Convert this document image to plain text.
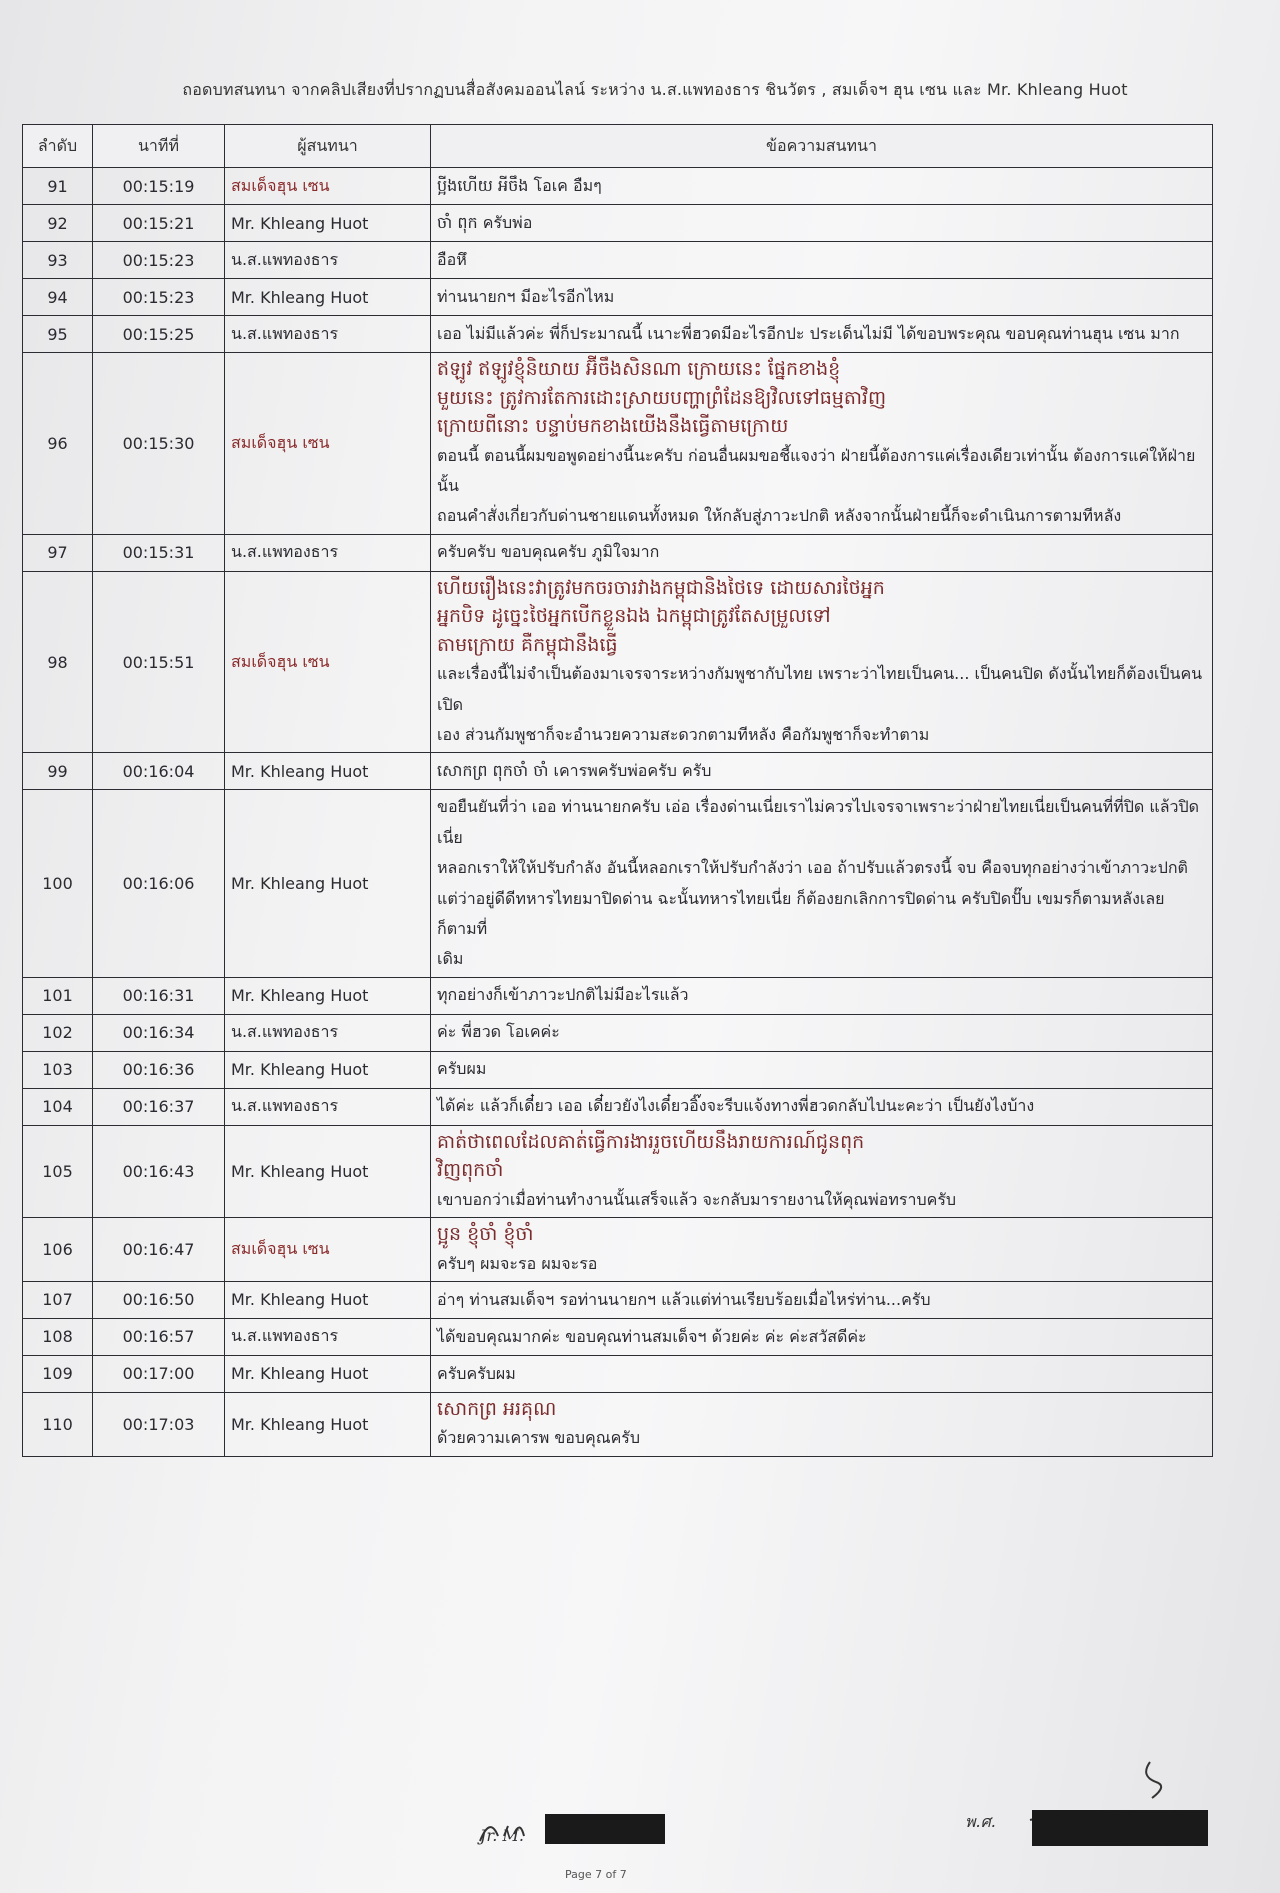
ถอดบทสนทนา จากคลิปเสียงที่ปรากฏบนสื่อสังคมออนไลน์ ระหว่าง น.ส.แพทองธาร ชินวัตร , สมเด็จฯ ฮุน เซน และ Mr. Khleang Huot
ลำดับ	นาทีที่	ผู้สนทนา	ข้อความสนทนา
91	00:15:19	สมเด็จฮุน เซน	ប្អីងហើយ អីចឹង โอเค อืมๆ

92	00:15:21	Mr. Khleang Huot	ចាំ ពុក ครับพ่อ

93	00:15:23	น.ส.แพทองธาร	อือหึ

94	00:15:23	Mr. Khleang Huot	ท่านนายกฯ มีอะไรอีกไหม

95	00:15:25	น.ส.แพทองธาร	เออ ไม่มีแล้วค่ะ พี่ก็ประมาณนี้ เนาะพี่ฮวดมีอะไรอีกปะ ประเด็นไม่มี ได้ขอบพระคุณ ขอบคุณท่านฮุน เซน มาก

96	00:15:30	สมเด็จฮุน เซน	ឥឡូវ ឥឡូវខ្ញុំនិយាយ អ៊ីចឹងសិនណា ក្រោយនេះ ផ្នែកខាងខ្ញុំ
មួយនេះ ត្រូវការតែការដោះស្រាយបញ្ហាព្រំដែនឱ្យវិលទៅធម្មតាវិញ
ក្រោយពីនោះ បន្ទាប់មកខាងយើងនឹងធ្វើតាមក្រោយ
ตอนนี้ ตอนนี้ผมขอพูดอย่างนี้นะครับ ก่อนอื่นผมขอชี้แจงว่า ฝ่ายนี้ต้องการแค่เรื่องเดียวเท่านั้น ต้องการแค่ให้ฝ่ายนั้น
ถอนคำสั่งเกี่ยวกับด่านชายแดนทั้งหมด ให้กลับสู่ภาวะปกติ หลังจากนั้นฝ่ายนี้ก็จะดำเนินการตามทีหลัง

97	00:15:31	น.ส.แพทองธาร	ครับครับ ขอบคุณครับ ภูมิใจมาก

98	00:15:51	สมเด็จฮุน เซน	ហើយរឿងនេះវាត្រូវមកចរចារវាងកម្ពុជានិងថៃទេ ដោយសារថៃអ្នក
អ្នកបិទ ដូច្នេះថៃអ្នកបើកខ្លួនឯង ឯកម្ពុជាត្រូវតែសម្រួលទៅ
តាមក្រោយ គឺកម្ពុជានឹងធ្វើ
และเรื่องนี้ไม่จำเป็นต้องมาเจรจาระหว่างกัมพูชากับไทย เพราะว่าไทยเป็นคน... เป็นคนปิด ดังนั้นไทยก็ต้องเป็นคนเปิด
เอง ส่วนกัมพูชาก็จะอำนวยความสะดวกตามทีหลัง คือกัมพูชาก็จะทำตาม

99	00:16:04	Mr. Khleang Huot	សោកព្រ ពុកចាំ ចាំ เคารพครับพ่อครับ ครับ

100	00:16:06	Mr. Khleang Huot	ขอยืนยันที่ว่า เออ ท่านนายกครับ เอ่อ เรื่องด่านเนี่ยเราไม่ควรไปเจรจาเพราะว่าฝ่ายไทยเนี่ยเป็นคนที่ที่ปิด แล้วปิดเนี่ย
หลอกเราให้ให้ปรับกำลัง อันนี้หลอกเราให้ปรับกำลังว่า เออ ถ้าปรับแล้วตรงนี้ จบ คือจบทุกอย่างว่าเข้าภาวะปกติ
แต่ว่าอยู่ดีดีทหารไทยมาปิดด่าน ฉะนั้นทหารไทยเนี่ย ก็ต้องยกเลิกการปิดด่าน ครับปิดปั๊บ เขมรก็ตามหลังเลย ก็ตามที่
เดิม

101	00:16:31	Mr. Khleang Huot	ทุกอย่างก็เข้าภาวะปกติไม่มีอะไรแล้ว

102	00:16:34	น.ส.แพทองธาร	ค่ะ พี่ฮวด โอเคค่ะ

103	00:16:36	Mr. Khleang Huot	ครับผม

104	00:16:37	น.ส.แพทองธาร	ได้ค่ะ แล้วก็เดี๋ยว เออ เดี๋ยวยังไงเดี๋ยวอิ๊งจะรีบแจ้งทางพี่ฮวดกลับไปนะคะว่า เป็นยังไงบ้าง

105	00:16:43	Mr. Khleang Huot	គាត់ថាពេលដែលគាត់ធ្វើការងាររួចហើយនឹងរាយការណ៍ជូនពុក
វិញពុកចាំ
เขาบอกว่าเมื่อท่านทำงานนั้นเสร็จแล้ว จะกลับมารายงานให้คุณพ่อทราบครับ

106	00:16:47	สมเด็จฮุน เซน	ប្អូន ខ្ញុំចាំ ខ្ញុំចាំ
ครับๆ ผมจะรอ ผมจะรอ

107	00:16:50	Mr. Khleang Huot	อ่าๆ ท่านสมเด็จฯ รอท่านนายกฯ แล้วแต่ท่านเรียบร้อยเมื่อไหร่ท่าน...ครับ

108	00:16:57	น.ส.แพทองธาร	ได้ขอบคุณมากค่ะ ขอบคุณท่านสมเด็จฯ ด้วยค่ะ ค่ะ ค่ะสวัสดีค่ะ

109	00:17:00	Mr. Khleang Huot	ครับครับผม

110	00:17:03	Mr. Khleang Huot	សោកព្រ អរគុណ
ด้วยความเคารพ ขอบคุณครับ
Jr. M.
พ.ศ.
Page 7 of 7
